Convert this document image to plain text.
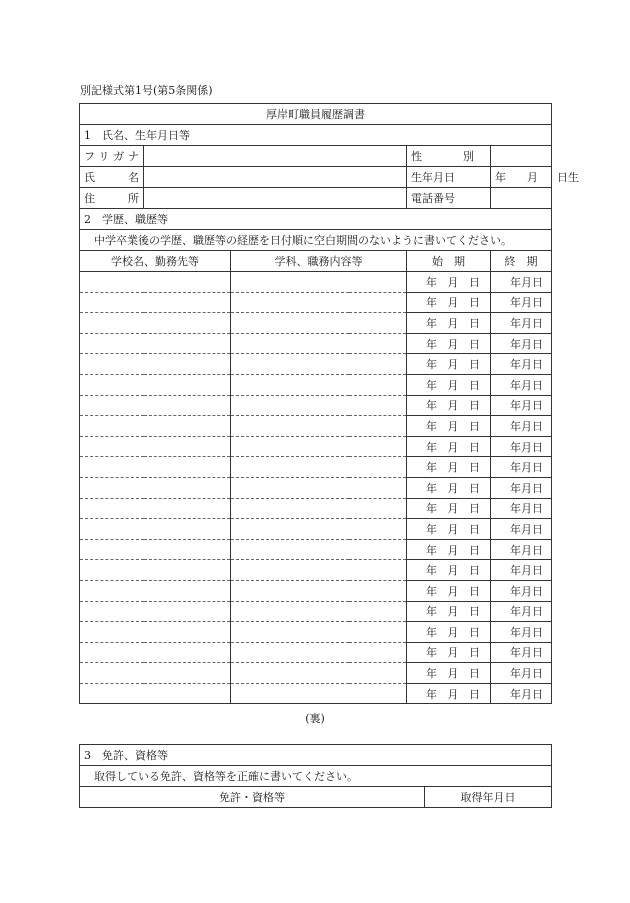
別記様式第1号(第5条関係)
厚岸町職員履歴調書				
1　氏名、生年月日等				

フリガナ			性　別	

氏　名			生年月日	年 月 日生

住　所			電話番号	

2　学歴、職歴等				
中学卒業後の学歴、職歴等の経歴を日付順に空白期間のないように書いてください。				
学校名、勤務先等		学科、職務内容等	始　期	終　期

			年 月 日	年 月 日

			年 月 日	年 月 日

			年 月 日	年 月 日

			年 月 日	年 月 日

			年 月 日	年 月 日

			年 月 日	年 月 日

			年 月 日	年 月 日

			年 月 日	年 月 日

			年 月 日	年 月 日

			年 月 日	年 月 日

			年 月 日	年 月 日

			年 月 日	年 月 日

			年 月 日	年 月 日

			年 月 日	年 月 日

			年 月 日	年 月 日

			年 月 日	年 月 日

			年 月 日	年 月 日

			年 月 日	年 月 日

			年 月 日	年 月 日

			年 月 日	年 月 日

			年 月 日	年 月 日
(裏)
3　免許、資格等
取得している免許、資格等を正確に書いてください。
免許・資格等	取得年月日
